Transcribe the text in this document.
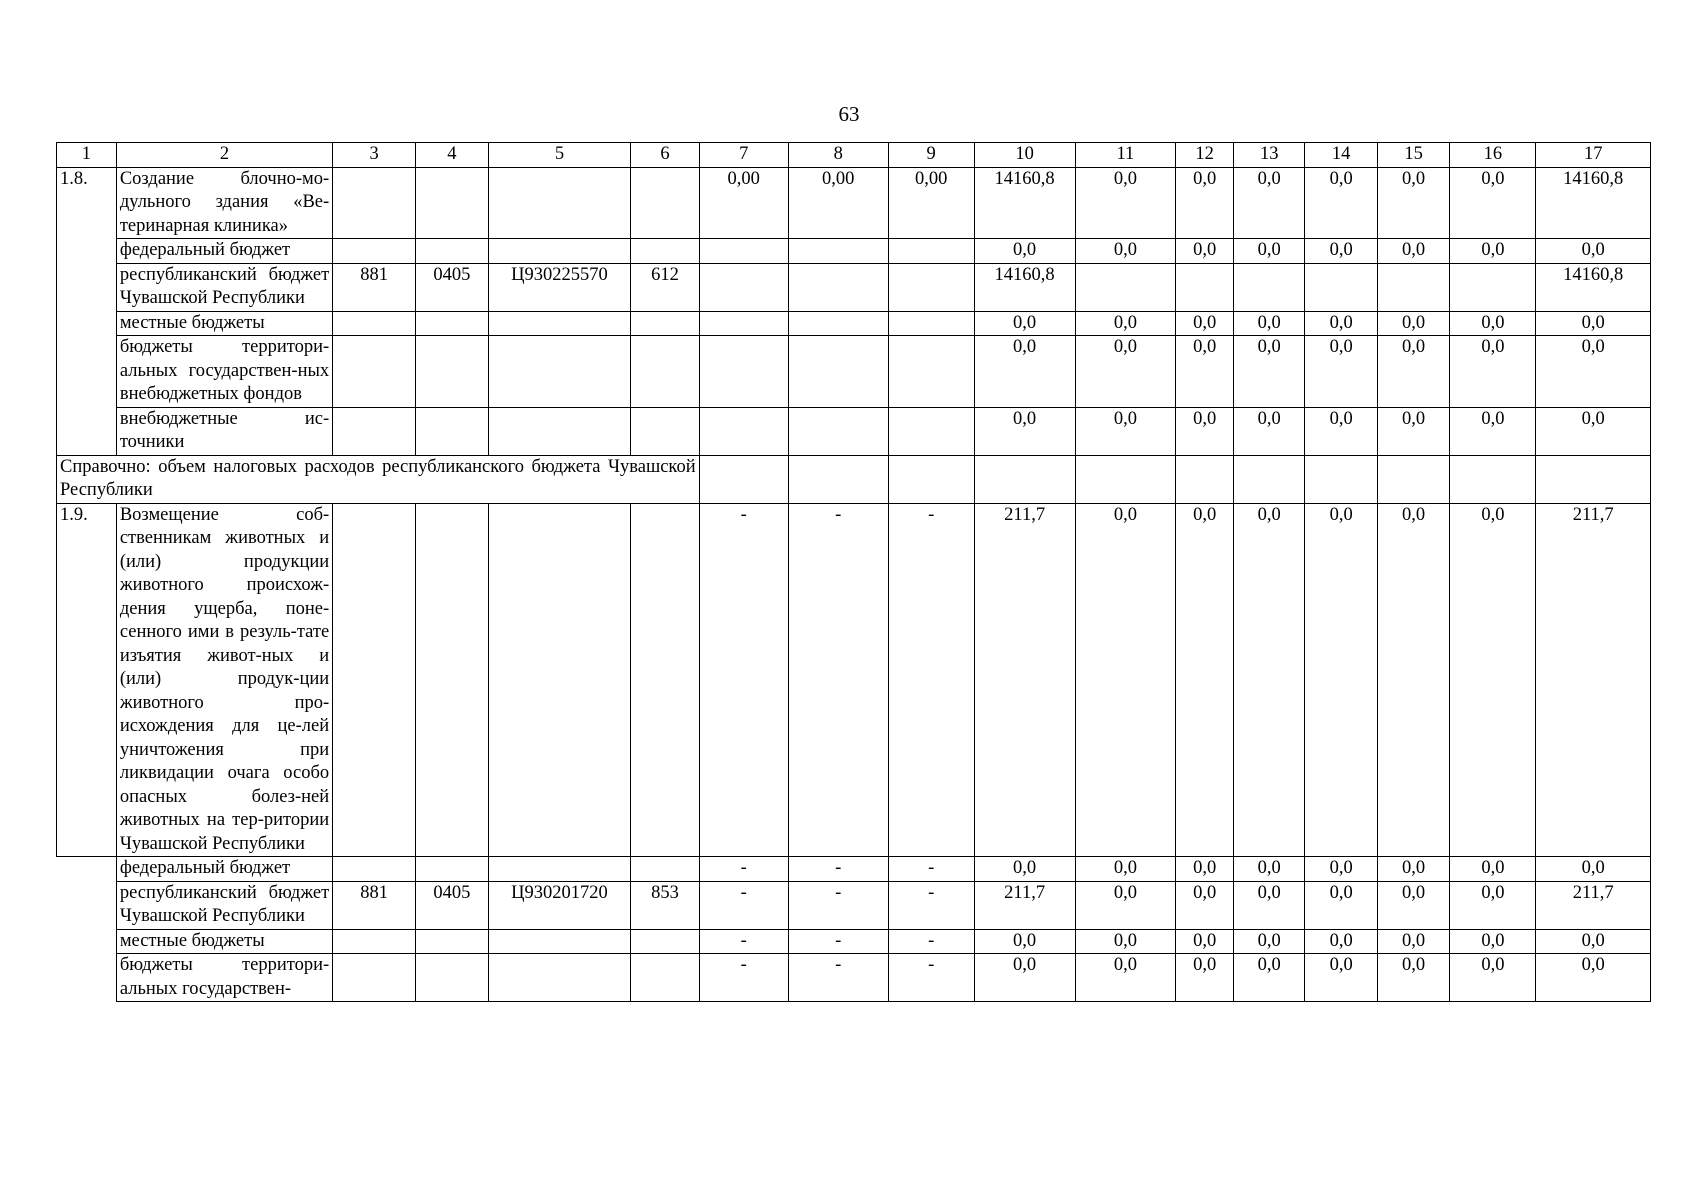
63
1	2	3	4	5	6	7	8	9	10	11	12	13	14	15	16	17
1.8.	Создание блочно-мо-дульного здания «Ве-теринарная клиника»					0,00	0,00	0,00	14160,8	0,0	0,0	0,0	0,0	0,0	0,0	14160,8
	федеральный бюджет								0,0	0,0	0,0	0,0	0,0	0,0	0,0	0,0
	республиканский бюджет Чувашской Республики	881	0405	Ц930225570	612				14160,8							14160,8
	местные бюджеты								0,0	0,0	0,0	0,0	0,0	0,0	0,0	0,0
	бюджеты территори-альных государствен-ных внебюджетных фондов								0,0	0,0	0,0	0,0	0,0	0,0	0,0	0,0
	внебюджетные ис-точники								0,0	0,0	0,0	0,0	0,0	0,0	0,0	0,0
Справочно: объем налоговых расходов республиканского бюджета Чувашской Республики																
1.9.	Возмещение соб-ственникам животных и (или) продукции животного происхож-дения ущерба, поне-сенного ими в резуль-тате изъятия живот-ных и (или) продук-ции животного про-исхождения для це-лей уничтожения при ликвидации очага особо опасных болез-ней животных на тер-ритории Чувашской Республики					-	-	-	211,7	0,0	0,0	0,0	0,0	0,0	0,0	211,7
	федеральный бюджет					-	-	-	0,0	0,0	0,0	0,0	0,0	0,0	0,0	0,0
	республиканский бюджет Чувашской Республики	881	0405	Ц930201720	853	-	-	-	211,7	0,0	0,0	0,0	0,0	0,0	0,0	211,7
	местные бюджеты					-	-	-	0,0	0,0	0,0	0,0	0,0	0,0	0,0	0,0
	бюджеты территори-альных государствен-					-	-	-	0,0	0,0	0,0	0,0	0,0	0,0	0,0	0,0
